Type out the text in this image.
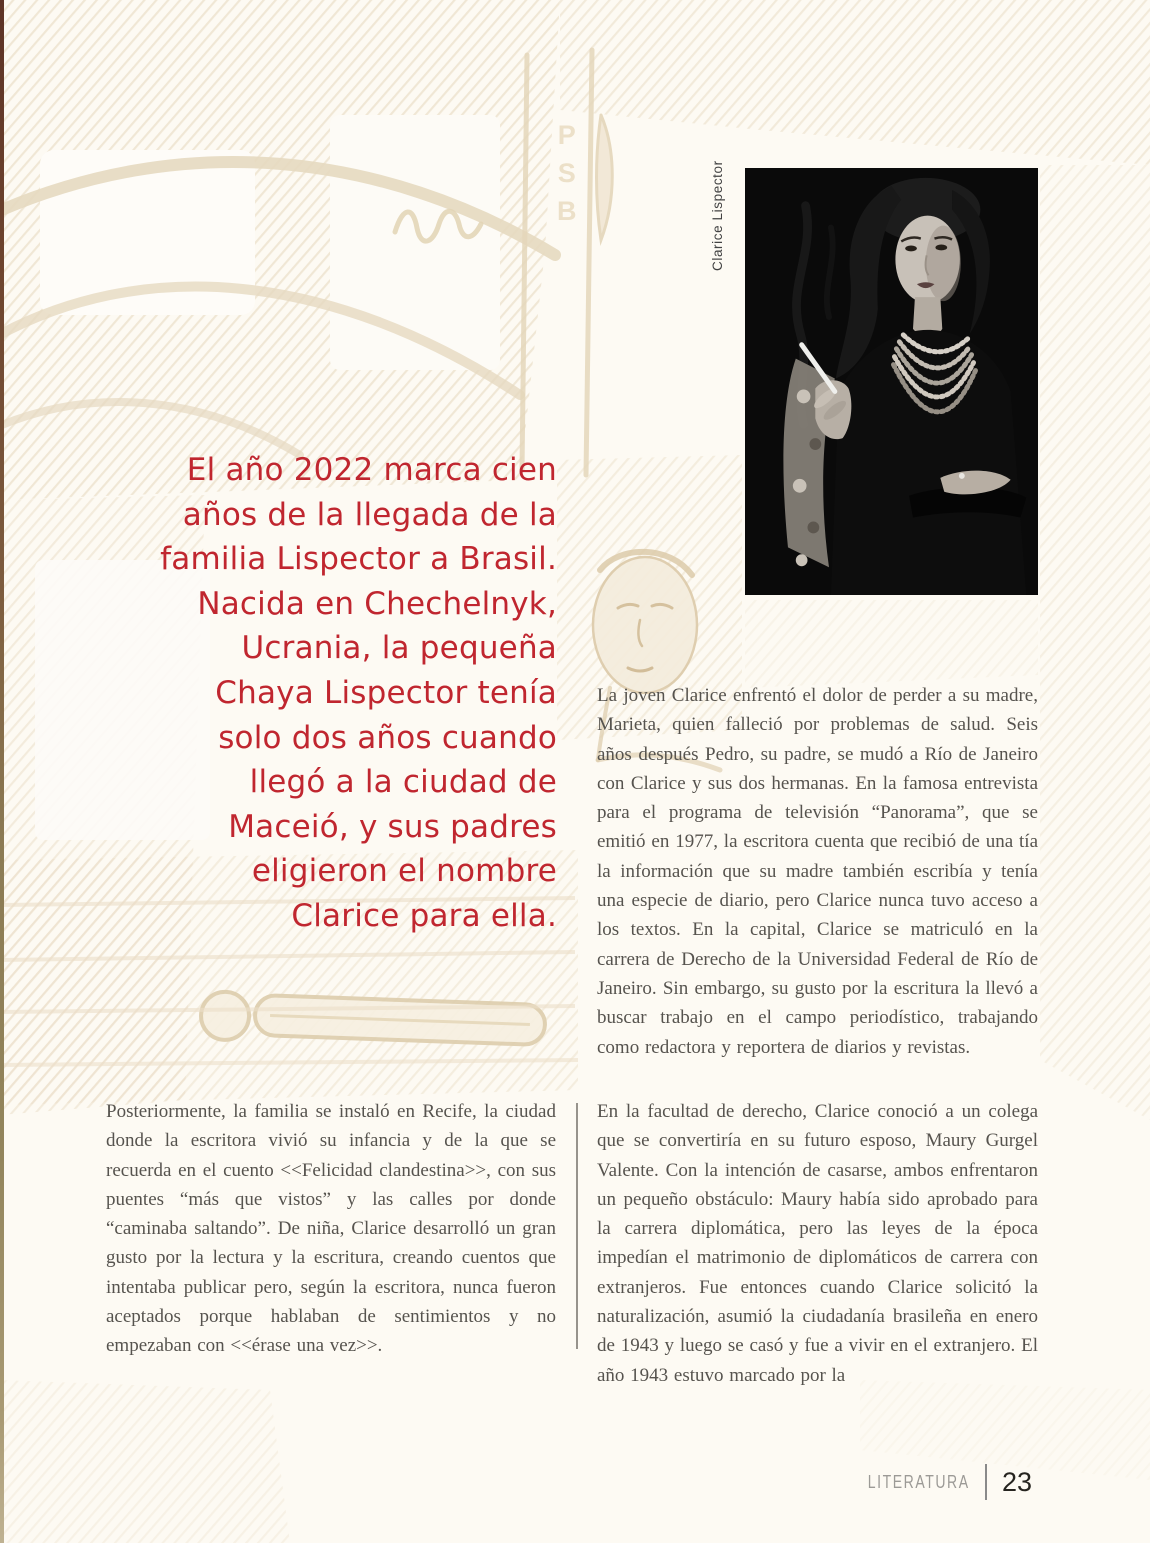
P
S
B	Clarice Lispector
El año 2022 marca cien
años de la llegada de la
familia Lispector a Brasil.
Nacida en Chechelnyk,
Ucrania, la pequeña
Chaya Lispector tenía
solo dos años cuando
llegó a la ciudad de
Maceió, y sus padres
eligieron el nombre
Clarice para ella.
La joven Clarice enfrentó el dolor de perder a su madre, Marieta, quien falleció por problemas de salud. Seis años después Pedro, su padre, se mudó a Río de Janeiro con Clarice y sus dos hermanas. En la famosa entrevista para el programa de televisión “Panorama”, que se emitió en 1977, la escritora cuenta que recibió de una tía la información que su madre también escribía y tenía una especie de diario, pero Clarice nunca tuvo acceso a los textos. En la capital, Clarice se matriculó en la carrera de Derecho de la Universidad Federal de Río de Janeiro. Sin embargo, su gusto por la escritura la llevó a buscar trabajo en el campo periodístico, trabajando como redactora y reportera de diarios y revistas.
Posteriormente, la familia se instaló en Recife, la ciudad donde la escritora vivió su infancia y de la que se recuerda en el cuento <<Felicidad clandestina>>, con sus puentes “más que vistos” y las calles por donde “caminaba saltando”. De niña, Clarice desarrolló un gran gusto por la lectura y la escritura, creando cuentos que intentaba publicar pero, según la escritora, nunca fueron aceptados porque hablaban de sentimientos y no empezaban con <<érase una vez>>.
En la facultad de derecho, Clarice conoció a un colega que se convertiría en su futuro esposo, Maury Gurgel Valente. Con la intención de casarse, ambos enfrentaron un pequeño obstáculo: Maury había sido aprobado para la carrera diplomática, pero las leyes de la época impedían el matrimonio de diplomáticos de carrera con extranjeros. Fue entonces cuando Clarice solicitó la naturalización, asumió la ciudadanía brasileña en enero de 1943 y luego se casó y fue a vivir en el extranjero. El año 1943 estuvo marcado por la
LITERATURA 23
